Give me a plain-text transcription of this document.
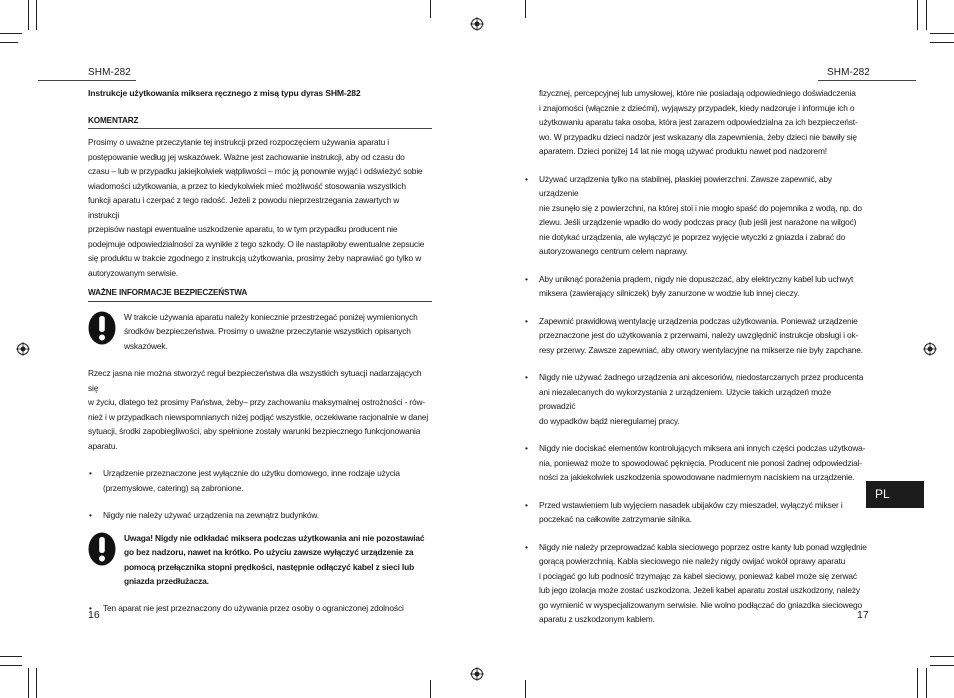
SHM-282	SHM-282

Instrukcje użytkowania miksera ręcznego z misą typu dyras SHM-282

KOMENTARZ

Prosimy o uważne przeczytanie tej instrukcji przed rozpoczęciem używania aparatu i

postępowanie według jej wskazówek. Ważne jest zachowanie instrukcji, aby od czasu do

czasu – lub w przypadku jakiejkolwiek wątpliwości – móc ją ponownie wyjąć i odświeżyć sobie

wiadomości użytkowania, a przez to kiedykolwiek mieć możliwość stosowania wszystkich

funkcji aparatu i czerpać z tego radość. Jeżeli z powodu nieprzestrzegania zawartych w instrukcji

przepisów nastąpi ewentualne uszkodzenie aparatu, to w tym przypadku producent nie

podejmuje odpowiedzialności za wynikłe z tego szkody. O ile nastąpiłoby ewentualne zepsucie

się produktu w trakcie zgodnego z instrukcją użytkowania, prosimy żeby naprawiać go tylko w

autoryzowanym serwisie.

WAŻNE INFORMACJE BEZPIECZEŃSTWA

W trakcie używania aparatu należy koniecznie przestrzegać poniżej wymienionych

środków bezpieczeństwa. Prosimy o uważne przeczytanie wszystkich opisanych

wskazówek.

Rzecz jasna nie można stworzyć reguł bezpieczeństwa dla wszystkich sytuacji nadarzających się

w życiu, dlatego też prosimy Państwa, żeby– przy zachowaniu maksymalnej ostrożności - rów-

nież i w przypadkach niewspomnianych niżej podjąć wszystkie, oczekiwane racjonalnie w danej

sytuacji, środki zapobiegliwości, aby spełnione zostały warunki bezpiecznego funkcjonowania

aparatu.

• Urządzenie przeznaczone jest wyłącznie do użytku domowego, inne rodzaje użycia

(przemysłowe, catering) są zabronione.

• Nigdy nie należy używać urządzenia na zewnątrz budynków.

Uwaga! Nigdy nie odkładać miksera podczas użytkowania ani nie pozostawiać

go bez nadzoru, nawet na krótko. Po użyciu zawsze wyłączyć urządzenie za

pomocą przełącznika stopni prędkości, następnie odłączyć kabel z sieci lub

gniazda przedłużacza.

• Ten aparat nie jest przeznaczony do używania przez osoby o ograniczonej zdolności

fizycznej, percepcyjnej lub umysłowej, które nie posiadają odpowiedniego doświadczenia

i znajomości (włącznie z dziećmi), wyjąwszy przypadek, kiedy nadzoruje i informuje ich o

użytkowaniu aparatu taka osoba, która jest zarazem odpowiedzialna za ich bezpieczeńst-

wo. W przypadku dzieci nadzór jest wskazany dla zapewnienia, żeby dzieci nie bawiły się

aparatem. Dzieci poniżej 14 lat nie mogą używać produktu nawet pod nadzorem!

• Używać urządzenia tylko na stabilnej, płaskiej powierzchni. Zawsze zapewnić, aby urządzenie

nie zsunęło się z powierzchni, na której stoi i nie mogło spaść do pojemnika z wodą, np. do

zlewu. Jeśli urządzenie wpadło do wody podczas pracy (lub jeśli jest narażone na wilgoć)

nie dotykać urządzenia, ale wyłączyć je poprzez wyjęcie wtyczki z gniazda i zabrać do

autoryzowanego centrum celem naprawy.

• Aby uniknąć porażenia prądem, nigdy nie dopuszczać, aby elektryczny kabel lub uchwyt

miksera (zawierający silniczek) były zanurzone w wodzie lub innej cieczy.

• Zapewnić prawidłową wentylację urządzenia podczas użytkowania. Ponieważ urządzenie

przeznaczone jest do użytkowania z przerwami, należy uwzględnić instrukcje obsługi i ok-

resy przerwy. Zawsze zapewniać, aby otwory wentylacyjne na mikserze nie były zapchane.

• Nigdy nie używać żadnego urządzenia ani akcesoriów, niedostarczanych przez producenta

ani niezalecanych do wykorzystania z urządzeniem. Użycie takich urządzeń może prowadzić

do wypadków bądź nieregulamej pracy.

• Nigdy nie dociskać elementów kontrolujących miksera ani innych części podczas użytkowa-

nia, ponieważ może to spowodować pęknięcia. Producent nie ponosi żadnej odpowiedzial-

ności za jakiekolwiek uszkodzenia spowodowane nadmiernym naciskiem na urządzenie.

• Przed wstawieniem lub wyjęciem nasadek ubijaków czy mieszadeł, wyłączyć mikser i

poczekać na całkowite zatrzymanie silnika.

• Nigdy nie należy przeprowadzać kabla sieciowego poprzez ostre kanty lub ponad względnie

gorącą powierzchnią. Kabla sieciowego nie należy nigdy owijać wokół oprawy aparatu

i pociągać go lub podnosić trzymając za kabel sieciowy, ponieważ kabel może się zerwać

lub jego izolacja może zostać uszkodzona. Jeżeli kabel aparatu został uszkodzony, należy

go wymienić w wyspecjalizowanym serwisie. Nie wolno podłączać do gniazdka sieciowego

aparatu z uszkodzonym kablem.

PL
16	17
